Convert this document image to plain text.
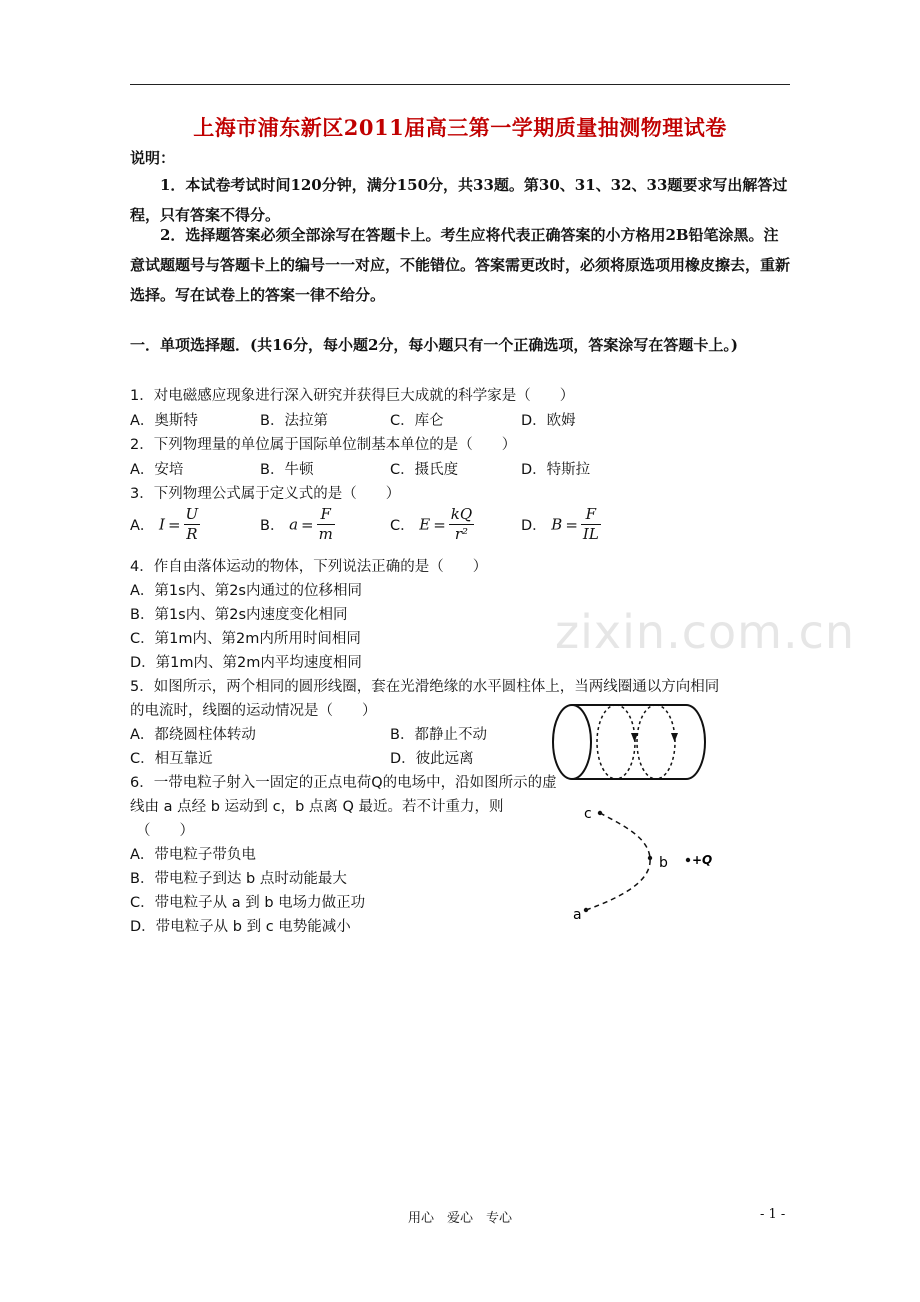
上海市浦东新区2011届高三第一学期质量抽测物理试卷
说明：
1．本试卷考试时间120分钟，满分150分，共33题。第30、31、32、33题要求写出解答过程，只有答案不得分。
2．选择题答案必须全部涂写在答题卡上。考生应将代表正确答案的小方格用2B铅笔涂黑。注意试题题号与答题卡上的编号一一对应，不能错位。答案需更改时，必须将原选项用橡皮擦去，重新选择。写在试卷上的答案一律不给分。
一．单项选择题．(共16分，每小题2分，每小题只有一个正确选项，答案涂写在答题卡上。)
1．对电磁感应现象进行深入研究并获得巨大成就的科学家是（　　）
A．奥斯特	B．法拉第	C．库仑	D．欧姆
2．下列物理量的单位属于国际单位制基本单位的是（　　）
A．安培	B．牛顿	C．摄氏度	D．特斯拉
3．下列物理公式属于定义式的是（　　）
A． $I = \frac{U}{R}$	B． $a = \frac{F}{m}$	C． $E = \frac{kQ}{\text{r²}}$	D． $B = \frac{F}{IL}$
4．作自由落体运动的物体，下列说法正确的是（　　）
A．第1s内、第2s内通过的位移相同
B．第1s内、第2s内速度变化相同
C．第1m内、第2m内所用时间相同
D．第1m内、第2m内平均速度相同
zixin.com.cn
5．如图所示，两个相同的圆形线圈，套在光滑绝缘的水平圆柱体上，当两线圈通以方向相同
的电流时，线圈的运动情况是（　　）
A．都绕圆柱体转动	B．都静止不动
C．相互靠近	D．彼此远离
6．一带电粒子射入一固定的正点电荷Q的电场中，沿如图所示的虚
线由 a 点经 b 运动到 c，b 点离 Q 最近。若不计重力，则
（　　）
A．带电粒子带负电
B．带电粒子到达 b 点时动能最大
C．带电粒子从 a 到 b 电场力做正功
D．带电粒子从 b 到 c 电势能减小
c
b
a
+Q
用心　爱心　专心	- 1 -
